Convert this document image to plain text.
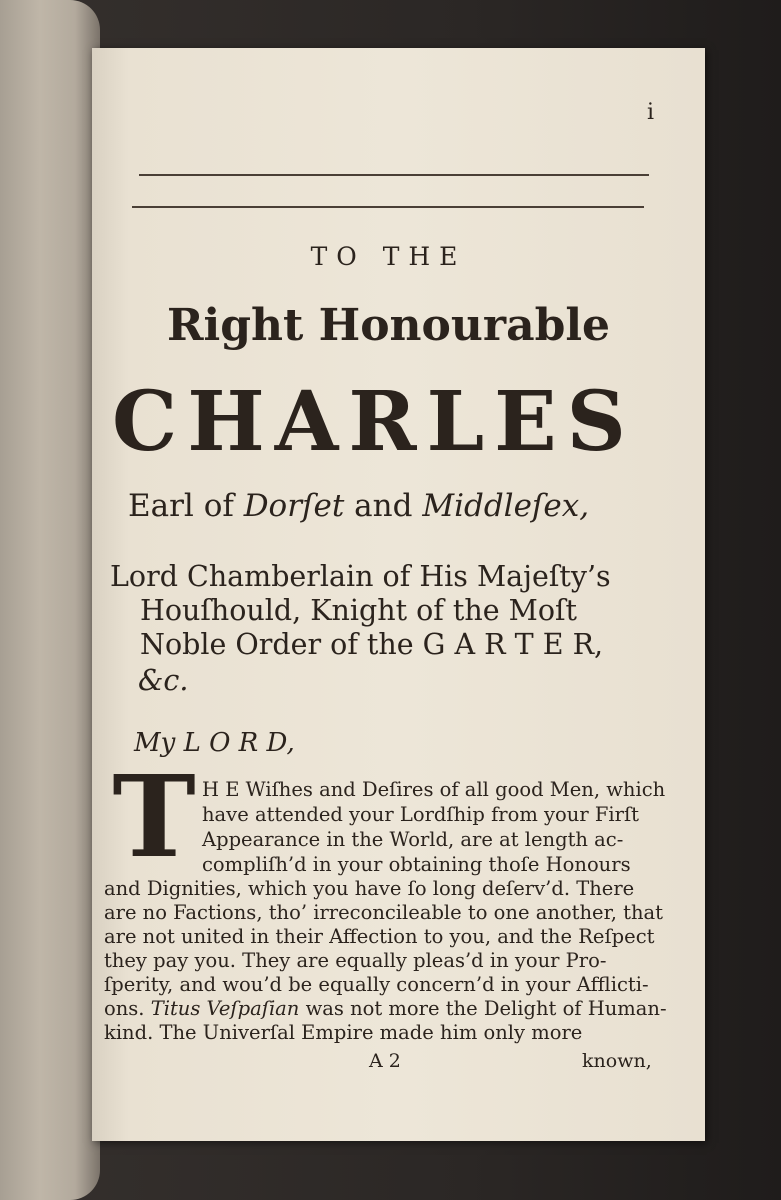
i
TO THE
Right Honourable
CHARLES
Earl of Dorſet and Middleſex,
Lord Chamberlain of His Majeſty’s
Houſhould, Knight of the Moſt
Noble Order of the G A R T E R,
&c.
My L O R D,
T H E Wiſhes and Deſires of all good Men, which
have attended your Lordſhip from your Firſt
Appearance in the World, are at length ac-
compliſh’d in your obtaining thoſe Honours
and Dignities, which you have ſo long deſerv’d. There
are no Factions, tho’ irreconcileable to one another, that
are not united in their Affection to you, and the Reſpect
they pay you. They are equally pleas’d in your Pro-
ſperity, and wou’d be equally concern’d in your Afflicti-
ons. Titus Veſpaſian was not more the Delight of Human-
kind. The Univerſal Empire made him only more
A 2	known,
